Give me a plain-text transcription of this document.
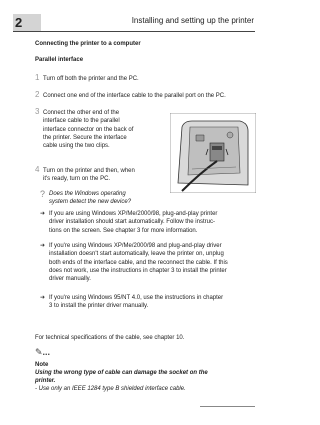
2	Installing and setting up the printer
Connecting the printer to a computer
Parallel interface
1 Turn off both the printer and the PC.
2 Connect one end of the interface cable to the parallel port on the PC.
3 Connect the other end of the
interface cable to the parallel
interface connector on the back of
the printer. Secure the interface
cable using the two clips.
4 Turn on the printer and then, when
it's ready, turn on the PC.
? Does the Windows operating
system detect the new device?
➜ If you are using Windows XP/Me/2000/98, plug-and-play printer
driver installation should start automatically. Follow the instruc-
tions on the screen. See chapter 3 for more information.
➜ If you're using Windows XP/Me/2000/98 and plug-and-play driver
installation doesn't start automatically, leave the printer on, unplug
both ends of the interface cable, and the reconnect the cable. If this
does not work, use the instructions in chapter 3 to install the printer
driver manually.
➜ If you're using Windows 95/NT 4.0, use the instructions in chapter
3 to install the printer driver manually.
For technical specifications of the cable, see chapter 10.
✎...
Note
Using the wrong type of cable can damage the socket on the
printer.
- Use only an IEEE 1284 type B shielded interface cable.
